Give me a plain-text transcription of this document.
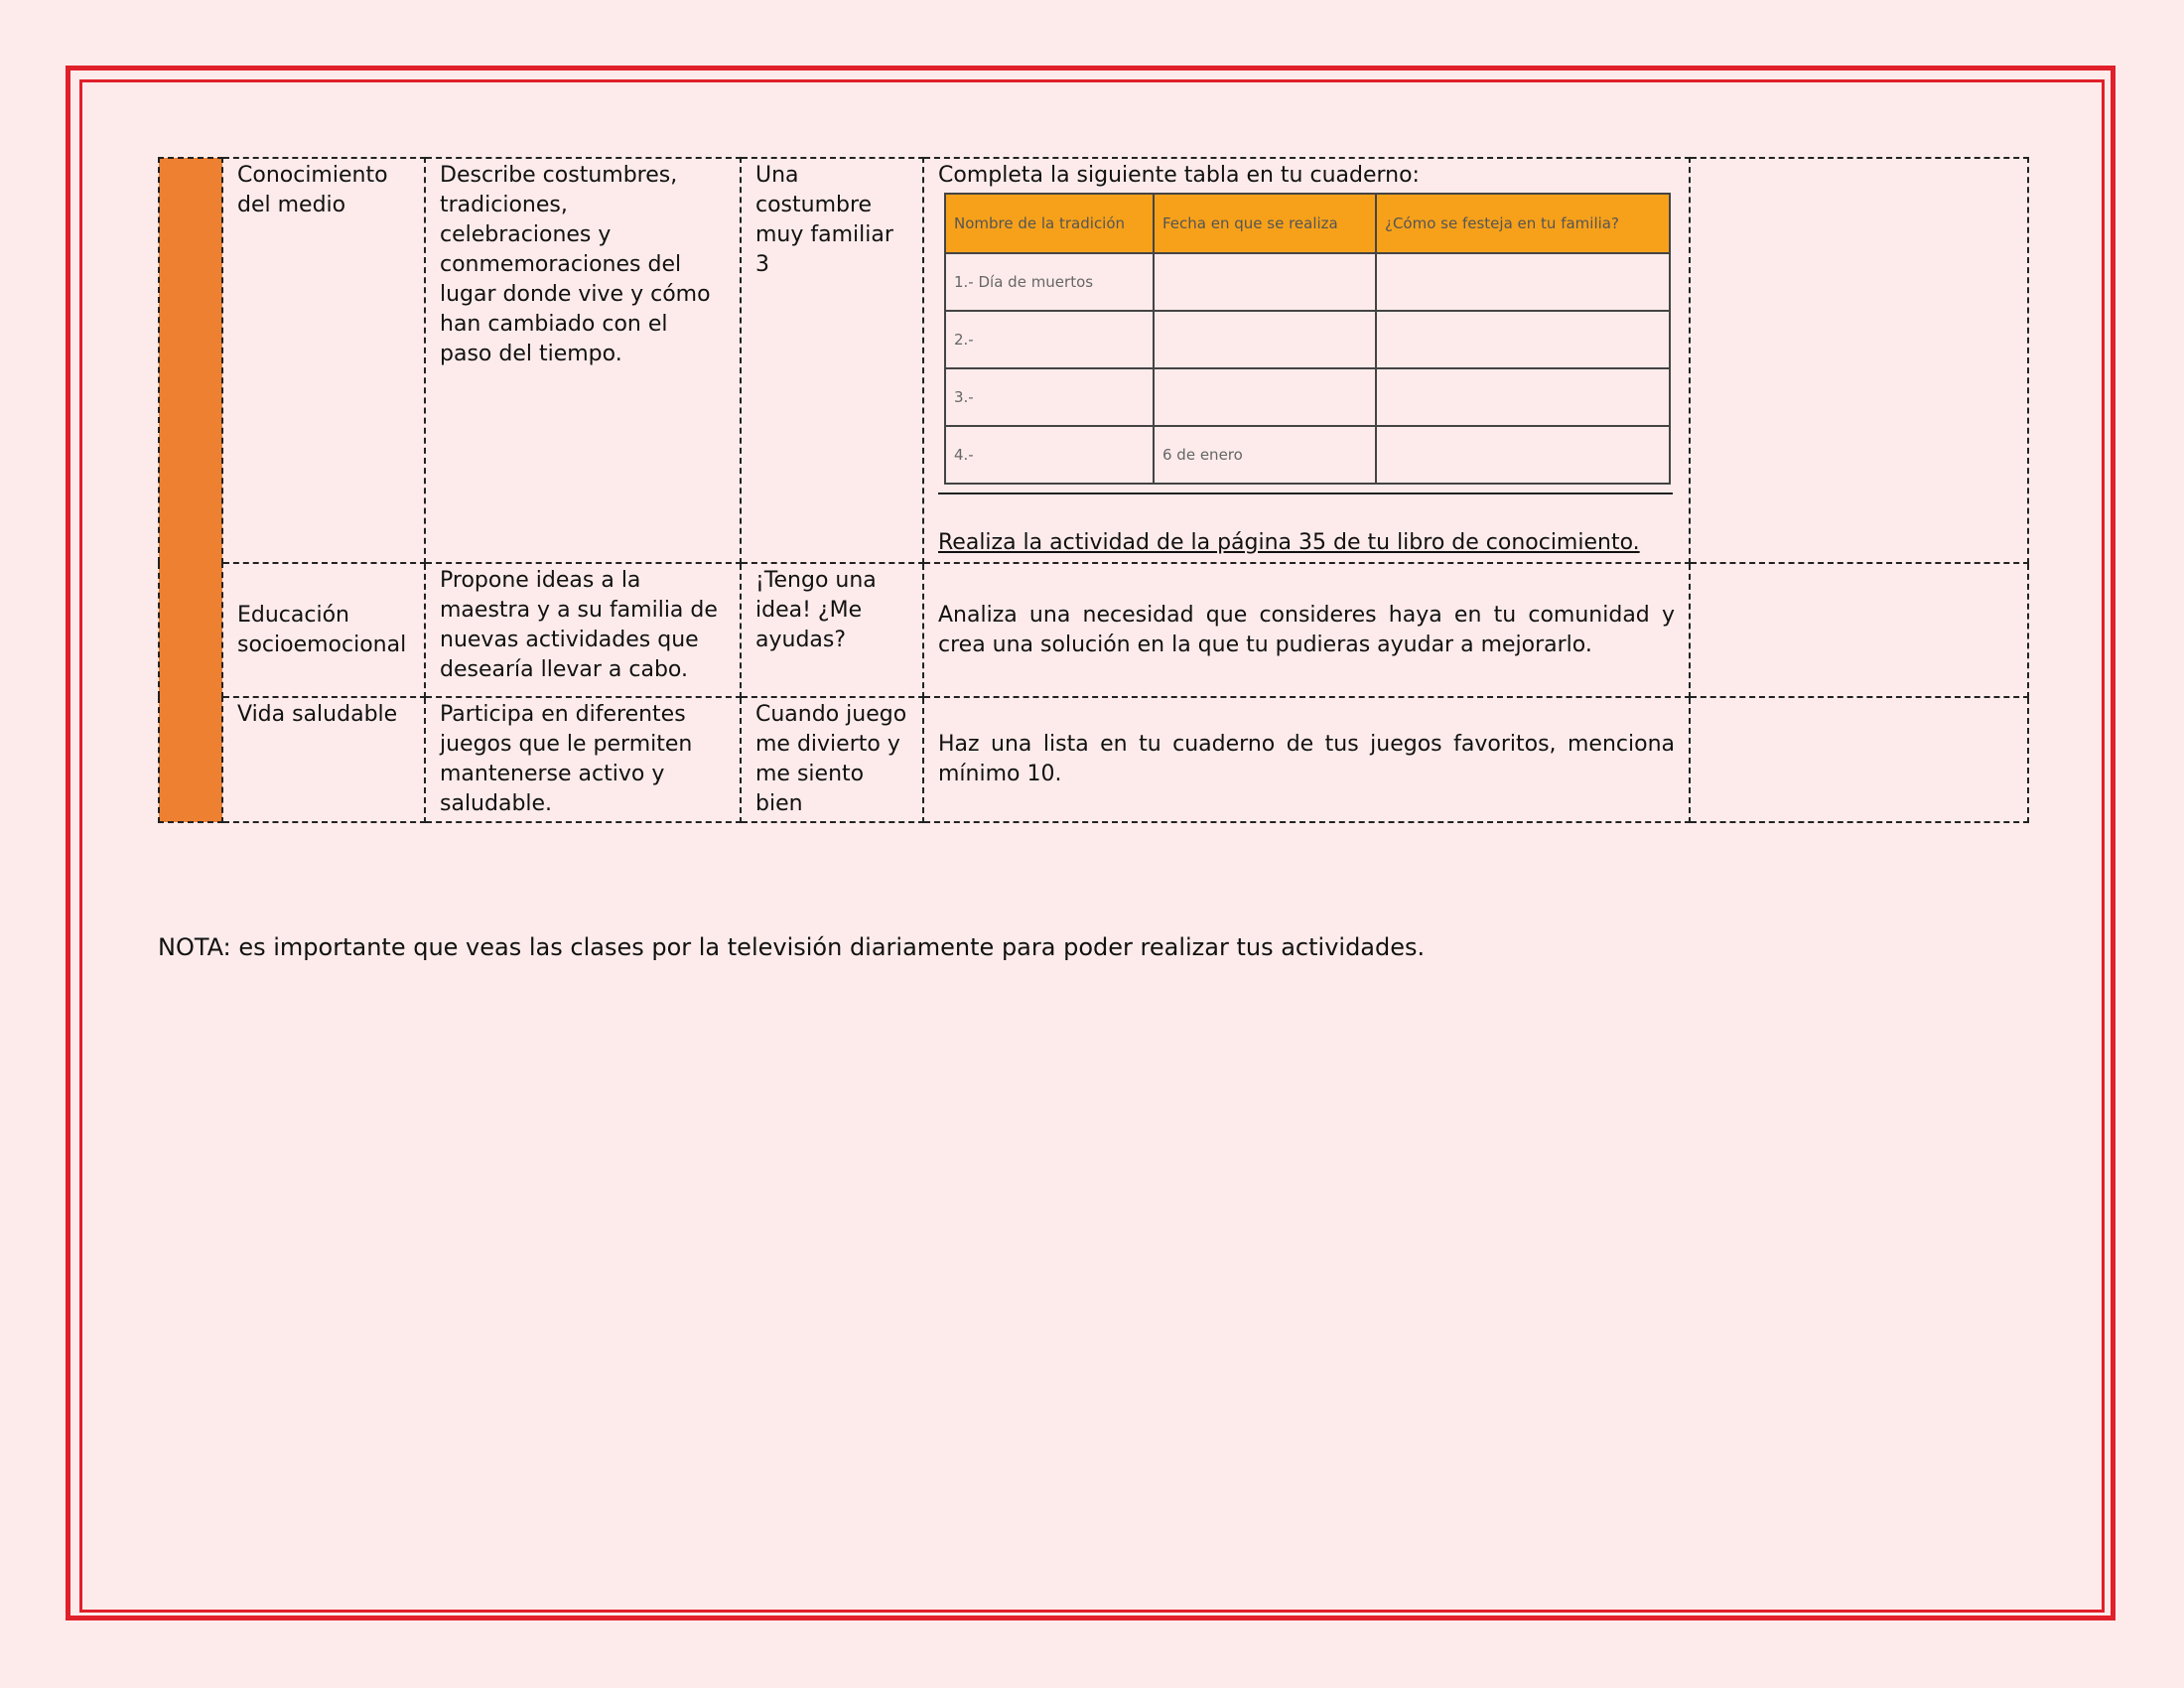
	Conocimiento del medio	Describe costumbres, tradiciones, celebraciones y conmemoraciones del lugar donde vive y cómo han cambiado con el paso del tiempo.	Una costumbre muy familiar 3	
Completa la siguiente tabla en tu cuaderno:
Nombre de la tradición	Fecha en que se realiza	¿Cómo se festeja en tu familia?
1.- Día de muertos		
2.-		
3.-		
4.-	6 de enero	
Realiza la actividad de la página 35 de tu libro de conocimiento.

Educación socioemocional	Propone ideas a la maestra y a su familia de nuevas actividades que desearía llevar a cabo.	¡Tengo una idea! ¿Me ayudas?	Analiza una necesidad que consideres haya en tu comunidad y crea una solución en la que tu pudieras ayudar a mejorarlo.	
Vida saludable	Participa en diferentes juegos que le permiten mantenerse activo y saludable.	Cuando juego me divierto y me siento bien	Haz una lista en tu cuaderno de tus juegos favoritos, menciona mínimo 10.	
NOTA: es importante que veas las clases por la televisión diariamente para poder realizar tus actividades.
